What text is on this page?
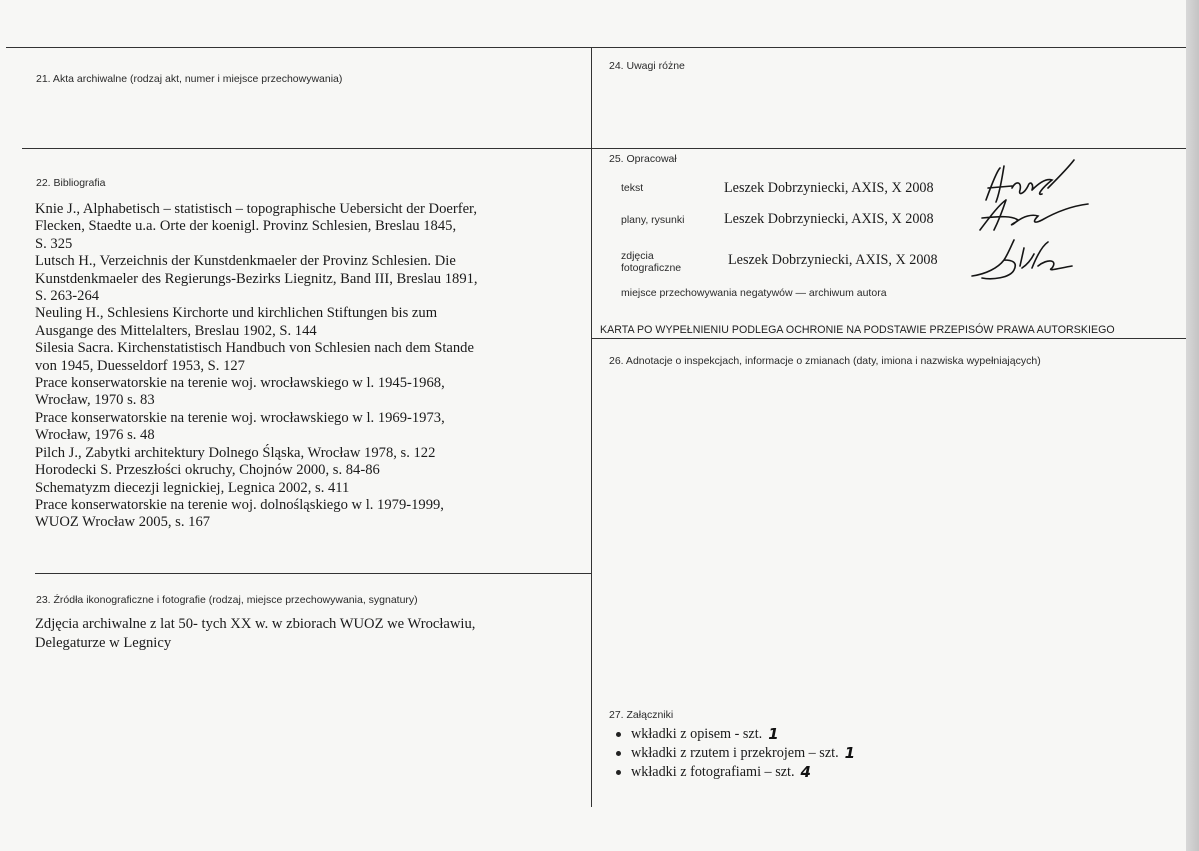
21. Akta archiwalne (rodzaj akt, numer i miejsce przechowywania)
22. Bibliografia
Knie J., Alphabetisch – statistisch – topographische Uebersicht der Doerfer,
Flecken, Staedte u.a. Orte der koenigl. Provinz Schlesien, Breslau 1845,
S. 325
Lutsch H., Verzeichnis der Kunstdenkmaeler der Provinz Schlesien. Die
Kunstdenkmaeler des Regierungs-Bezirks Liegnitz, Band III, Breslau 1891,
S. 263-264
Neuling H., Schlesiens Kirchorte und kirchlichen Stiftungen bis zum
Ausgange des Mittelalters, Breslau 1902, S. 144
Silesia Sacra. Kirchenstatistisch Handbuch von Schlesien nach dem Stande
von 1945, Duesseldorf 1953, S. 127
Prace konserwatorskie na terenie woj. wrocławskiego w l. 1945-1968,
Wrocław, 1970 s. 83
Prace konserwatorskie na terenie woj. wrocławskiego w l. 1969-1973,
Wrocław, 1976 s. 48
Pilch J., Zabytki architektury Dolnego Śląska, Wrocław 1978, s. 122
Horodecki S. Przeszłości okruchy, Chojnów 2000, s. 84-86
Schematyzm diecezji legnickiej, Legnica 2002, s. 411
Prace konserwatorskie na terenie woj. dolnośląskiego w l. 1979-1999,
WUOZ Wrocław 2005, s. 167
23. Źródła ikonograficzne i fotografie (rodzaj, miejsce przechowywania, sygnatury)
Zdjęcia archiwalne z lat 50- tych XX w. w zbiorach WUOZ we Wrocławiu,
Delegaturze w Legnicy
24. Uwagi różne
25. Opracował
tekst	Leszek Dobrzyniecki, AXIS, X 2008
plany, rysunki	Leszek Dobrzyniecki, AXIS, X 2008
zdjęcia
fotograficzne	Leszek Dobrzyniecki, AXIS, X 2008
miejsce przechowywania negatywów — archiwum autora
KARTA PO WYPEŁNIENIU PODLEGA OCHRONIE NA PODSTAWIE PRZEPISÓW PRAWA AUTORSKIEGO
26. Adnotacje o inspekcjach, informacje o zmianach (daty, imiona i nazwiska wypełniających)
27. Załączniki
wkładki z opisem - szt. 1
wkładki z rzutem i przekrojem – szt. 1
wkładki z fotografiami – szt. 4
